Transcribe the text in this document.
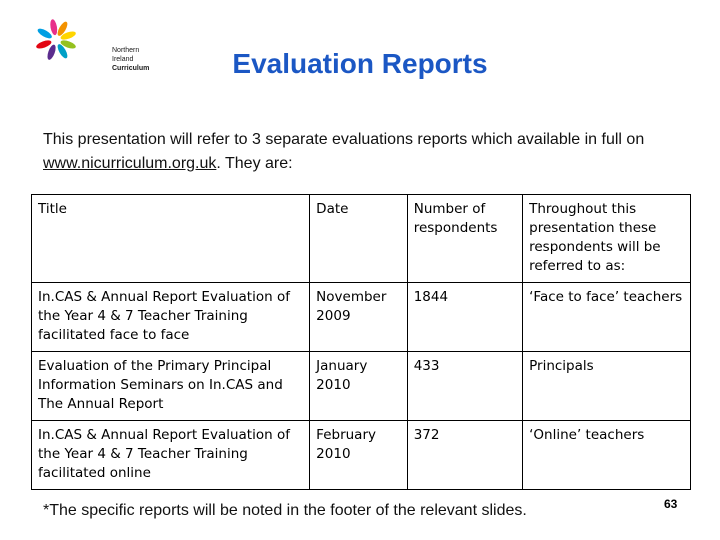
Northern Ireland
Curriculum	Evaluation Reports
This presentation will refer to 3 separate evaluations reports which available in full on www.nicurriculum.org.uk. They are:
Title	Date	Number of respondents	Throughout this presentation these respondents will be referred to as:
In.CAS & Annual Report Evaluation of the Year 4 & 7 Teacher Training facilitated face to face	November 2009	1844	‘Face to face’ teachers
Evaluation of the Primary Principal Information Seminars on In.CAS and The Annual Report	January 2010	433	Principals
In.CAS & Annual Report Evaluation of the Year 4 & 7 Teacher Training facilitated online	February 2010	372	‘Online’ teachers
*The specific reports will be noted in the footer of the relevant slides.	63
